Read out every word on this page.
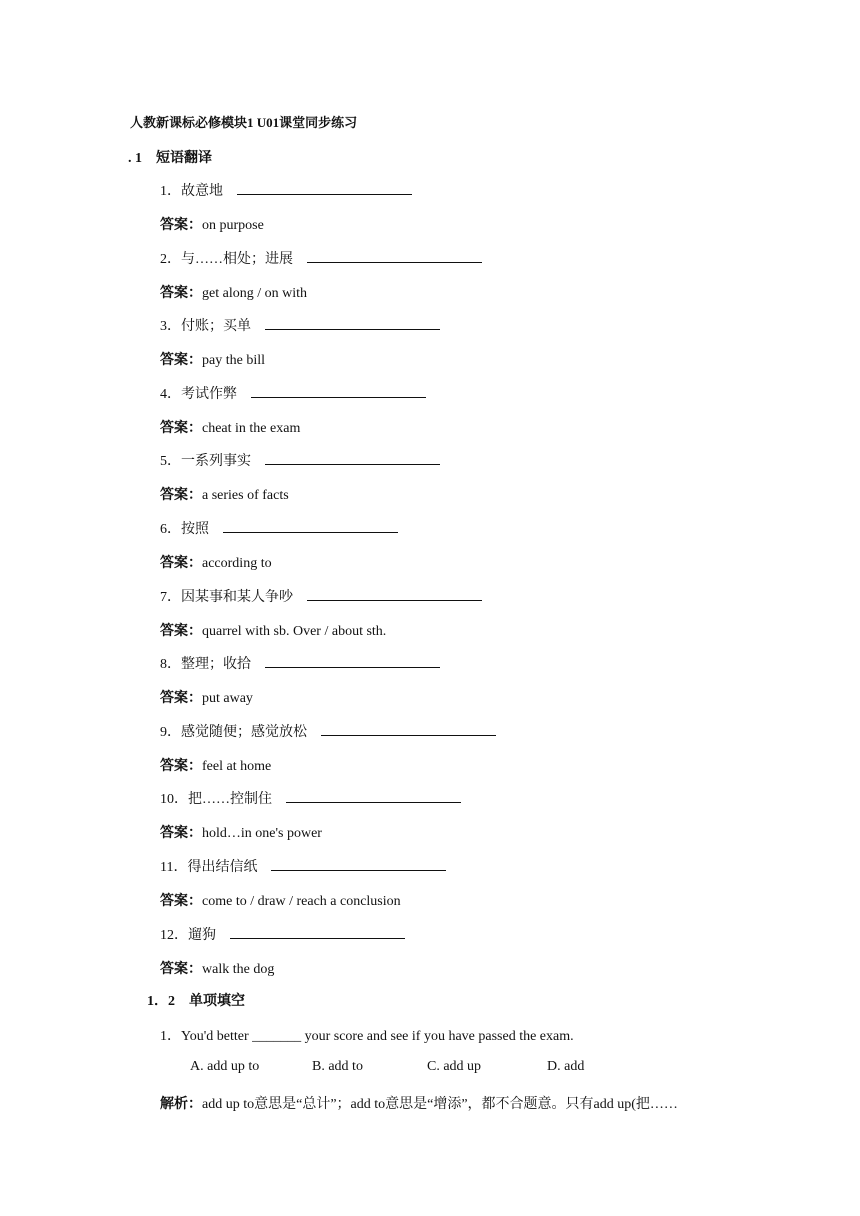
人教新课标必修模块1 U01课堂同步练习
. 1　短语翻译
1．故意地
答案：on purpose
2．与……相处；进展
答案：get along / on with
3．付账；买单
答案：pay the bill
4．考试作弊
答案：cheat in the exam
5．一系列事实
答案：a series of facts
6．按照
答案：according to
7．因某事和某人争吵
答案：quarrel with sb. Over / about sth.
8．整理；收拾
答案：put away
9．感觉随便；感觉放松
答案：feel at home
10．把……控制住
答案：hold…in one's power
11．得出结信纸
答案：come to / draw / reach a conclusion
12．遛狗
答案：walk the dog
1．2　单项填空
1．You'd better _______ your score and see if you have passed the exam.
A. add up to	B. add to	C. add up	D. add
解析：add up to意思是“总计”；add to意思是“增添”，都不合题意。只有add up(把……
